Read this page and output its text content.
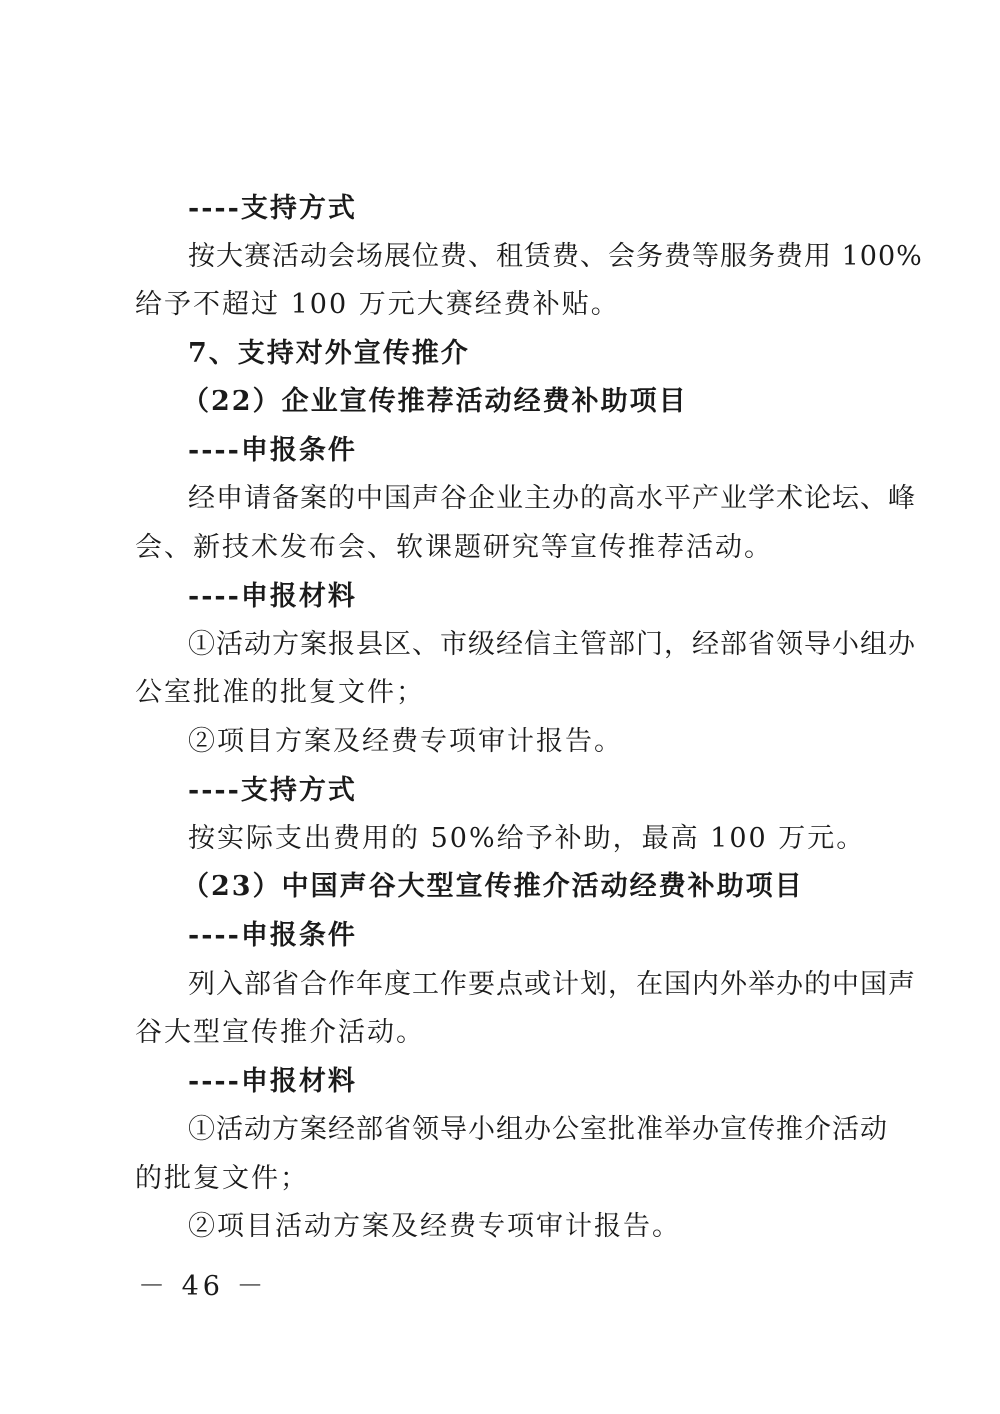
----支持方式
按大赛活动会场展位费、租赁费、会务费等服务费用 100%
给予不超过 100 万元大赛经费补贴。
7、支持对外宣传推介
（22）企业宣传推荐活动经费补助项目
----申报条件
经申请备案的中国声谷企业主办的高水平产业学术论坛、峰
会、新技术发布会、软课题研究等宣传推荐活动。
----申报材料
①活动方案报县区、市级经信主管部门，经部省领导小组办
公室批准的批复文件；
②项目方案及经费专项审计报告。
----支持方式
按实际支出费用的 50%给予补助，最高 100 万元。
（23）中国声谷大型宣传推介活动经费补助项目
----申报条件
列入部省合作年度工作要点或计划，在国内外举办的中国声
谷大型宣传推介活动。
----申报材料
①活动方案经部省领导小组办公室批准举办宣传推介活动
的批复文件；
②项目活动方案及经费专项审计报告。
－ 46 －
